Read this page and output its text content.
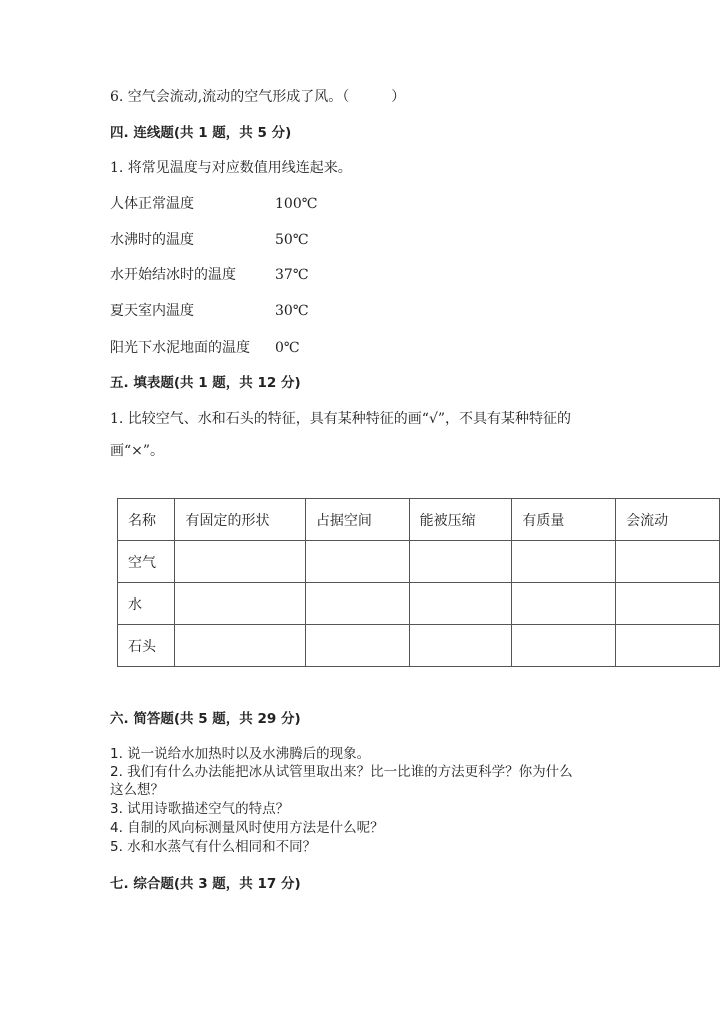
6. 空气会流动,流动的空气形成了风。（　　　）
四. 连线题(共 1 题，共 5 分)
1. 将常见温度与对应数值用线连起来。
人体正常温度	100℃
水沸时的温度	50℃
水开始结冰时的温度	37℃
夏天室内温度	30℃
阳光下水泥地面的温度 0℃
五. 填表题(共 1 题，共 12 分)
1. 比较空气、水和石头的特征，具有某种特征的画“√”，不具有某种特征的
画“×”。
名称	有固定的形状	占据空间	能被压缩	有质量	会流动
空气					
水					
石头					
六. 简答题(共 5 题，共 29 分)
1. 说一说给水加热时以及水沸腾后的现象。
2. 我们有什么办法能把冰从试管里取出来？比一比谁的方法更科学？你为什么
这么想？
3. 试用诗歌描述空气的特点？
4. 自制的风向标测量风时使用方法是什么呢？
5. 水和水蒸气有什么相同和不同？
七. 综合题(共 3 题，共 17 分)
